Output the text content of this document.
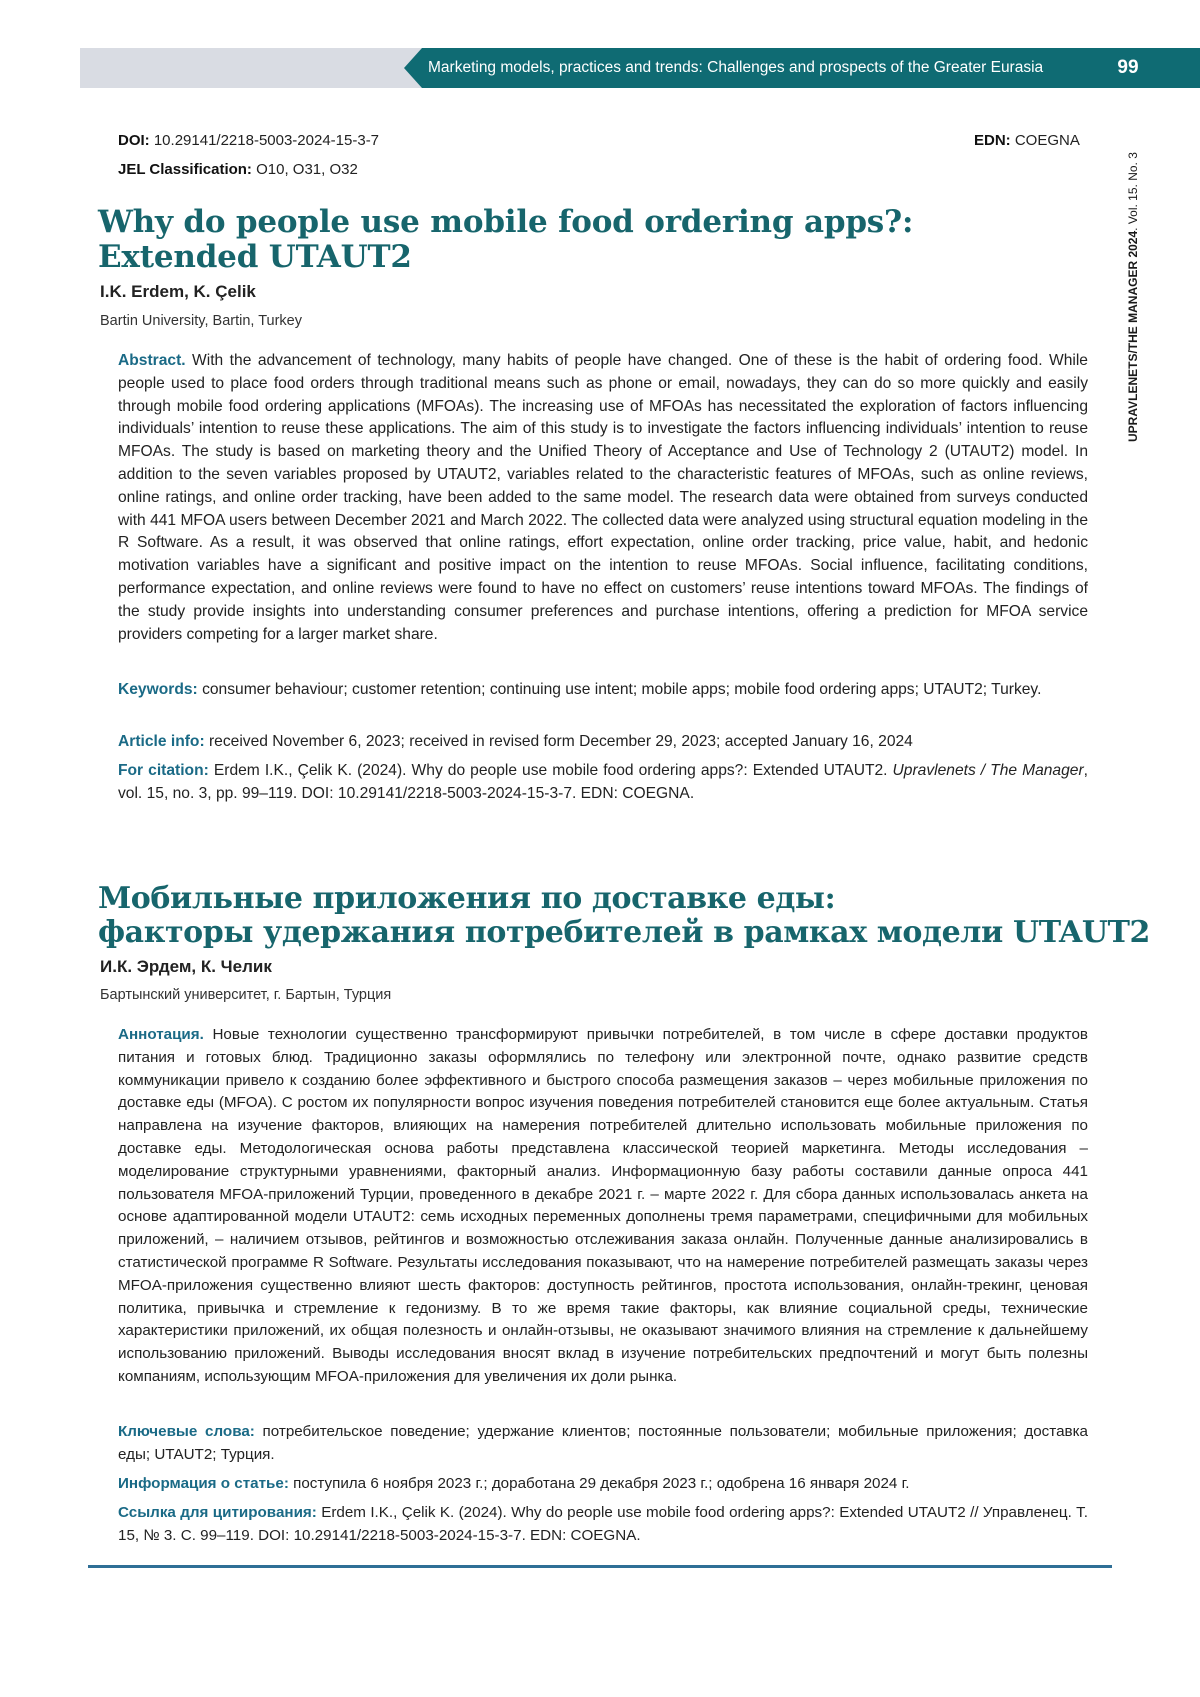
Marketing models, practices and trends: Challenges and prospects of the Greater Eurasia	99
UPRAVLENETS/THE MANAGER 2024. Vol. 15. No. 3
DOI: 10.29141/2218-5003-2024-15-3-7	EDN: COEGNA
JEL Classification: O10, O31, O32
Why do people use mobile food ordering apps?:
Extended UTAUT2
I.K. Erdem, K. Çelik
Bartin University, Bartin, Turkey
Abstract. With the advancement of technology, many habits of people have changed. One of these is the habit of ordering food. While people used to place food orders through traditional means such as phone or email, nowadays, they can do so more quickly and easily through mobile food ordering applications (MFOAs). The increasing use of MFOAs has necessitated the exploration of factors influencing individuals’ intention to reuse these applications. The aim of this study is to investigate the factors influencing individuals’ intention to reuse MFOAs. The study is based on marketing theory and the Unified Theory of Acceptance and Use of Technology 2 (UTAUT2) model. In addition to the seven variables proposed by UTAUT2, variables related to the characteristic features of MFOAs, such as online reviews, online ratings, and online order tracking, have been added to the same model. The research data were obtained from surveys conducted with 441 MFOA users between December 2021 and March 2022. The collected data were analyzed using structural equation modeling in the R Software. As a result, it was observed that online ratings, effort expectation, online order tracking, price value, habit, and hedonic motivation variables have a significant and positive impact on the intention to reuse MFOAs. Social influence, facilitating conditions, performance expectation, and online reviews were found to have no effect on customers’ reuse intentions toward MFOAs. The findings of the study provide insights into understanding consumer preferences and purchase intentions, offering a prediction for MFOA service providers competing for a larger market share.
Keywords: consumer behaviour; customer retention; continuing use intent; mobile apps; mobile food ordering apps; UTAUT2; Turkey.
Article info: received November 6, 2023; received in revised form December 29, 2023; accepted January 16, 2024
For citation: Erdem I.K., Çelik K. (2024). Why do people use mobile food ordering apps?: Extended UTAUT2. Upravlenets / The Manager, vol. 15, no. 3, pp. 99–119. DOI: 10.29141/2218-5003-2024-15-3-7. EDN: COEGNA.
Мобильные приложения по доставке еды:
факторы удержания потребителей в рамках модели UTAUT2
И.К. Эрдем, К. Челик
Бартынский университет, г. Бартын, Турция
Аннотация. Новые технологии существенно трансформируют привычки потребителей, в том числе в сфере доставки продуктов питания и готовых блюд. Традиционно заказы оформлялись по телефону или электронной почте, однако развитие средств коммуникации привело к созданию более эффективного и быстрого способа размещения заказов – через мобильные приложения по доставке еды (MFOA). С ростом их популярности вопрос изучения поведения потребителей становится еще более актуальным. Статья направлена на изучение факторов, влияющих на намерения потребителей длительно использовать мобильные приложения по доставке еды. Методологическая основа работы представлена классической теорией маркетинга. Методы исследования – моделирование структурными уравнениями, факторный анализ. Информационную базу работы составили данные опроса 441 пользователя MFOA-приложений Турции, проведенного в декабре 2021 г. – марте 2022 г. Для сбора данных использовалась анкета на основе адаптированной модели UTAUT2: семь исходных переменных дополнены тремя параметрами, специфичными для мобильных приложений, – наличием отзывов, рейтингов и возможностью отслеживания заказа онлайн. Полученные данные анализировались в статистической программе R Software. Результаты исследования показывают, что на намерение потребителей размещать заказы через MFOA-приложения существенно влияют шесть факторов: доступность рейтингов, простота использования, онлайн-трекинг, ценовая политика, привычка и стремление к гедонизму. В то же время такие факторы, как влияние социальной среды, технические характеристики приложений, их общая полезность и онлайн-отзывы, не оказывают значимого влияния на стремление к дальнейшему использованию приложений. Выводы исследования вносят вклад в изучение потребительских предпочтений и могут быть полезны компаниям, использующим MFOA-приложения для увеличения их доли рынка.
Ключевые слова: потребительское поведение; удержание клиентов; постоянные пользователи; мобильные приложения; доставка еды; UTAUT2; Турция.
Информация о статье: поступила 6 ноября 2023 г.; доработана 29 декабря 2023 г.; одобрена 16 января 2024 г.
Ссылка для цитирования: Erdem I.K., Çelik K. (2024). Why do people use mobile food ordering apps?: Extended UTAUT2 // Управленец. Т. 15, № 3. С. 99–119. DOI: 10.29141/2218-5003-2024-15-3-7. EDN: COEGNA.
